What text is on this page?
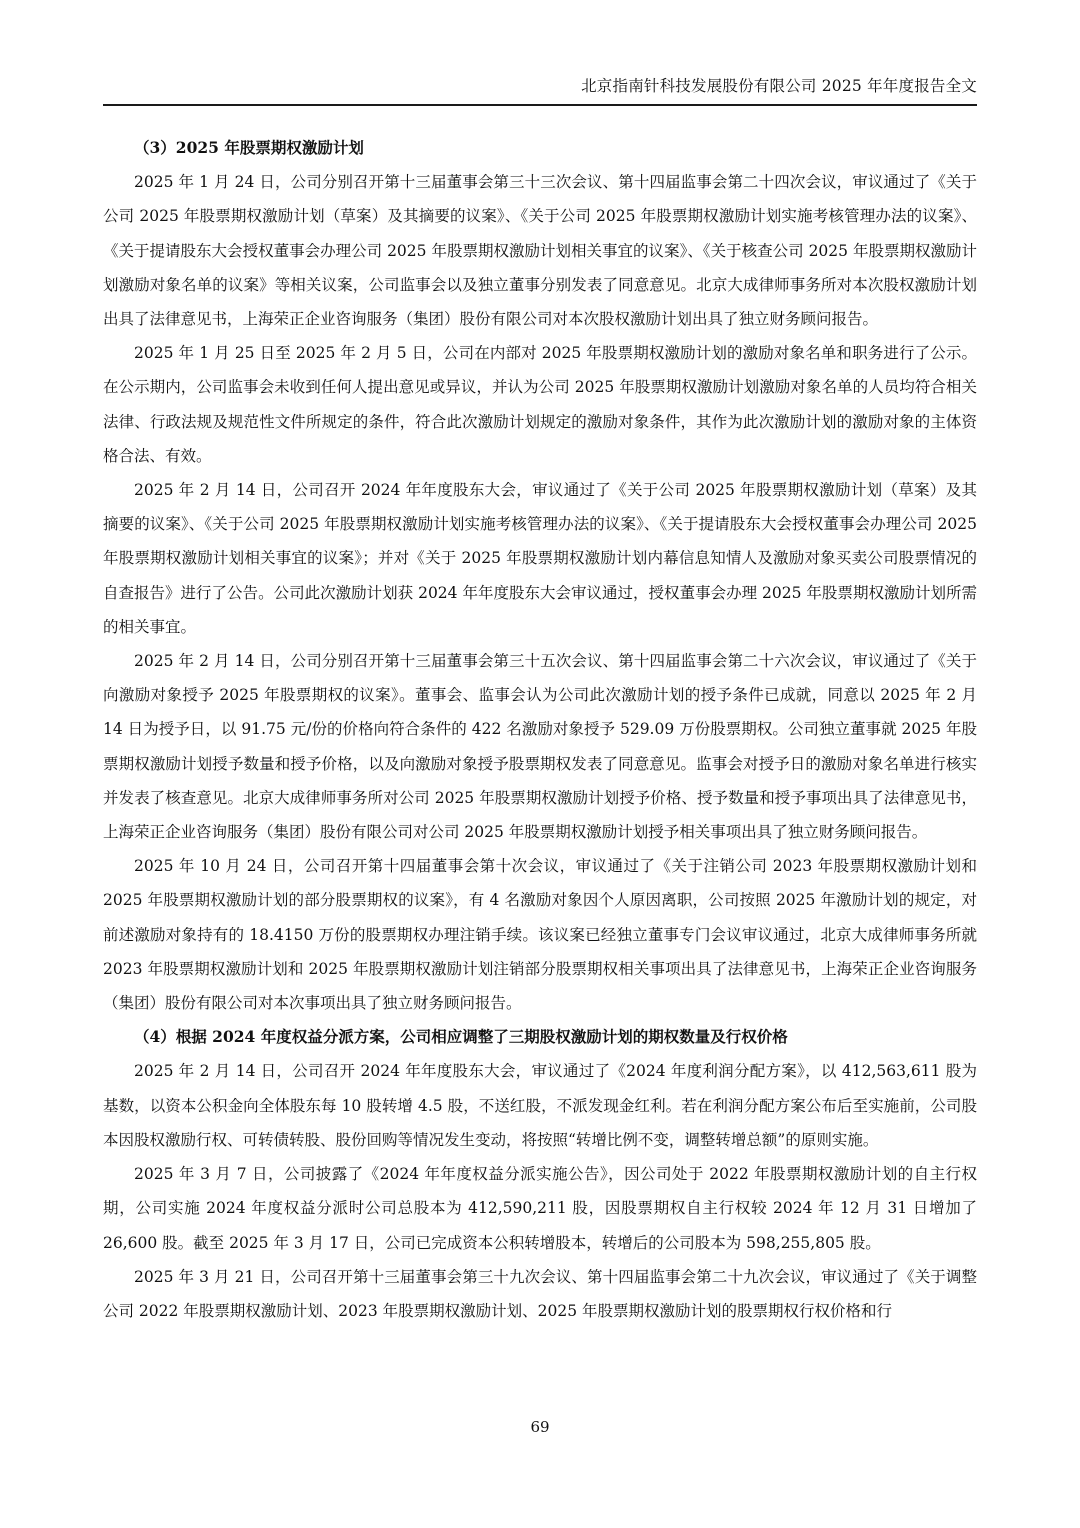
北京指南针科技发展股份有限公司 2025 年年度报告全文
（3）2025 年股票期权激励计划

2025 年 1 月 24 日，公司分别召开第十三届董事会第三十三次会议、第十四届监事会第二十四次会议，审议通过了《关于公司 2025 年股票期权激励计划（草案）及其摘要的议案》、《关于公司 2025 年股票期权激励计划实施考核管理办法的议案》、《关于提请股东大会授权董事会办理公司 2025 年股票期权激励计划相关事宜的议案》、《关于核查公司 2025 年股票期权激励计划激励对象名单的议案》等相关议案，公司监事会以及独立董事分别发表了同意意见。北京大成律师事务所对本次股权激励计划出具了法律意见书，上海荣正企业咨询服务（集团）股份有限公司对本次股权激励计划出具了独立财务顾问报告。

2025 年 1 月 25 日至 2025 年 2 月 5 日，公司在内部对 2025 年股票期权激励计划的激励对象名单和职务进行了公示。在公示期内，公司监事会未收到任何人提出意见或异议，并认为公司 2025 年股票期权激励计划激励对象名单的人员均符合相关法律、行政法规及规范性文件所规定的条件，符合此次激励计划规定的激励对象条件，其作为此次激励计划的激励对象的主体资格合法、有效。

2025 年 2 月 14 日，公司召开 2024 年年度股东大会，审议通过了《关于公司 2025 年股票期权激励计划（草案）及其摘要的议案》、《关于公司 2025 年股票期权激励计划实施考核管理办法的议案》、《关于提请股东大会授权董事会办理公司 2025 年股票期权激励计划相关事宜的议案》；并对《关于 2025 年股票期权激励计划内幕信息知情人及激励对象买卖公司股票情况的自查报告》进行了公告。公司此次激励计划获 2024 年年度股东大会审议通过，授权董事会办理 2025 年股票期权激励计划所需的相关事宜。

2025 年 2 月 14 日，公司分别召开第十三届董事会第三十五次会议、第十四届监事会第二十六次会议，审议通过了《关于向激励对象授予 2025 年股票期权的议案》。董事会、监事会认为公司此次激励计划的授予条件已成就，同意以 2025 年 2 月 14 日为授予日，以 91.75 元/份的价格向符合条件的 422 名激励对象授予 529.09 万份股票期权。公司独立董事就 2025 年股票期权激励计划授予数量和授予价格，以及向激励对象授予股票期权发表了同意意见。监事会对授予日的激励对象名单进行核实并发表了核查意见。北京大成律师事务所对公司 2025 年股票期权激励计划授予价格、授予数量和授予事项出具了法律意见书，上海荣正企业咨询服务（集团）股份有限公司对公司 2025 年股票期权激励计划授予相关事项出具了独立财务顾问报告。

2025 年 10 月 24 日，公司召开第十四届董事会第十次会议，审议通过了《关于注销公司 2023 年股票期权激励计划和 2025 年股票期权激励计划的部分股票期权的议案》，有 4 名激励对象因个人原因离职，公司按照 2025 年激励计划的规定，对前述激励对象持有的 18.4150 万份的股票期权办理注销手续。该议案已经独立董事专门会议审议通过，北京大成律师事务所就 2023 年股票期权激励计划和 2025 年股票期权激励计划注销部分股票期权相关事项出具了法律意见书，上海荣正企业咨询服务（集团）股份有限公司对本次事项出具了独立财务顾问报告。

（4）根据 2024 年度权益分派方案，公司相应调整了三期股权激励计划的期权数量及行权价格

2025 年 2 月 14 日，公司召开 2024 年年度股东大会，审议通过了《2024 年度利润分配方案》，以 412,563,611 股为基数，以资本公积金向全体股东每 10 股转增 4.5 股，不送红股，不派发现金红利。若在利润分配方案公布后至实施前，公司股本因股权激励行权、可转债转股、股份回购等情况发生变动，将按照“转增比例不变，调整转增总额”的原则实施。

2025 年 3 月 7 日，公司披露了《2024 年年度权益分派实施公告》，因公司处于 2022 年股票期权激励计划的自主行权期，公司实施 2024 年度权益分派时公司总股本为 412,590,211 股，因股票期权自主行权较 2024 年 12 月 31 日增加了 26,600 股。截至 2025 年 3 月 17 日，公司已完成资本公积转增股本，转增后的公司股本为 598,255,805 股。

2025 年 3 月 21 日，公司召开第十三届董事会第三十九次会议、第十四届监事会第二十九次会议，审议通过了《关于调整公司 2022 年股票期权激励计划、2023 年股票期权激励计划、2025 年股票期权激励计划的股票期权行权价格和行

69
